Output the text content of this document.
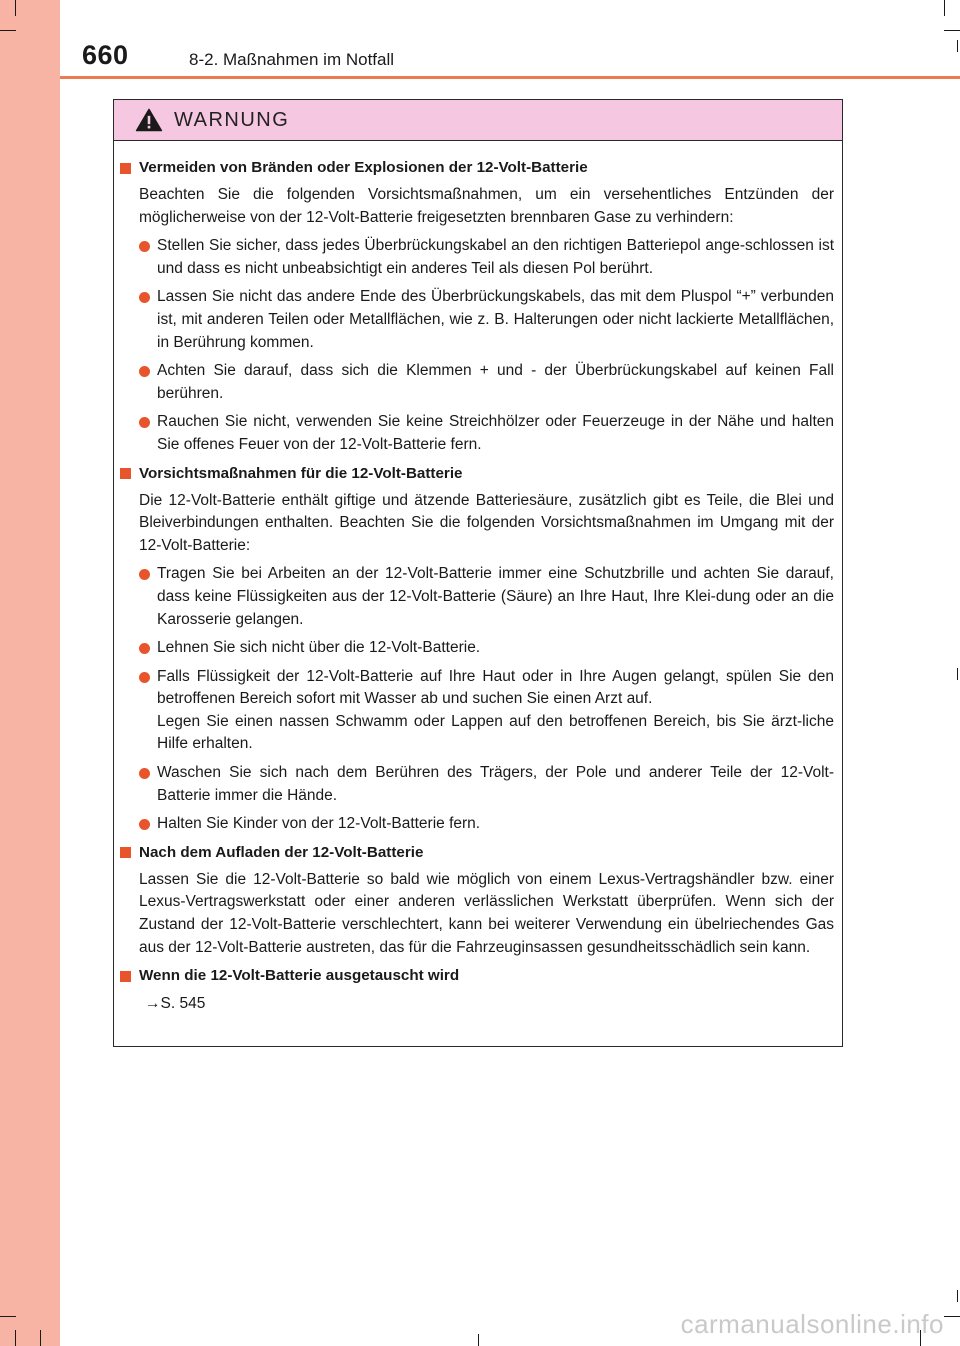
660	8-2. Maßnahmen im Notfall
WARNUNG
Vermeiden von Bränden oder Explosionen der 12-Volt-Batterie
Beachten Sie die folgenden Vorsichtsmaßnahmen, um ein versehentliches Entzünden der möglicherweise von der 12-Volt-Batterie freigesetzten brennbaren Gase zu verhindern:
Stellen Sie sicher, dass jedes Überbrückungskabel an den richtigen Batteriepol ange-schlossen ist und dass es nicht unbeabsichtigt ein anderes Teil als diesen Pol berührt.
Lassen Sie nicht das andere Ende des Überbrückungskabels, das mit dem Pluspol “+” verbunden ist, mit anderen Teilen oder Metallflächen, wie z. B. Halterungen oder nicht lackierte Metallflächen, in Berührung kommen.
Achten Sie darauf, dass sich die Klemmen + und - der Überbrückungskabel auf keinen Fall berühren.
Rauchen Sie nicht, verwenden Sie keine Streichhölzer oder Feuerzeuge in der Nähe und halten Sie offenes Feuer von der 12-Volt-Batterie fern.
Vorsichtsmaßnahmen für die 12-Volt-Batterie
Die 12-Volt-Batterie enthält giftige und ätzende Batteriesäure, zusätzlich gibt es Teile, die Blei und Bleiverbindungen enthalten. Beachten Sie die folgenden Vorsichtsmaßnahmen im Umgang mit der 12-Volt-Batterie:
Tragen Sie bei Arbeiten an der 12-Volt-Batterie immer eine Schutzbrille und achten Sie darauf, dass keine Flüssigkeiten aus der 12-Volt-Batterie (Säure) an Ihre Haut, Ihre Klei-dung oder an die Karosserie gelangen.
Lehnen Sie sich nicht über die 12-Volt-Batterie.
Falls Flüssigkeit der 12-Volt-Batterie auf Ihre Haut oder in Ihre Augen gelangt, spülen Sie den betroffenen Bereich sofort mit Wasser ab und suchen Sie einen Arzt auf.
Legen Sie einen nassen Schwamm oder Lappen auf den betroffenen Bereich, bis Sie ärzt-liche Hilfe erhalten.
Waschen Sie sich nach dem Berühren des Trägers, der Pole und anderer Teile der 12-Volt-Batterie immer die Hände.
Halten Sie Kinder von der 12-Volt-Batterie fern.
Nach dem Aufladen der 12-Volt-Batterie
Lassen Sie die 12-Volt-Batterie so bald wie möglich von einem Lexus-Vertragshändler bzw. einer Lexus-Vertragswerkstatt oder einer anderen verlässlichen Werkstatt überprüfen. Wenn sich der Zustand der 12-Volt-Batterie verschlechtert, kann bei weiterer Verwendung ein übelriechendes Gas aus der 12-Volt-Batterie austreten, das für die Fahrzeuginsassen gesundheitsschädlich sein kann.
Wenn die 12-Volt-Batterie ausgetauscht wird
→S. 545
carmanualsonline.info
